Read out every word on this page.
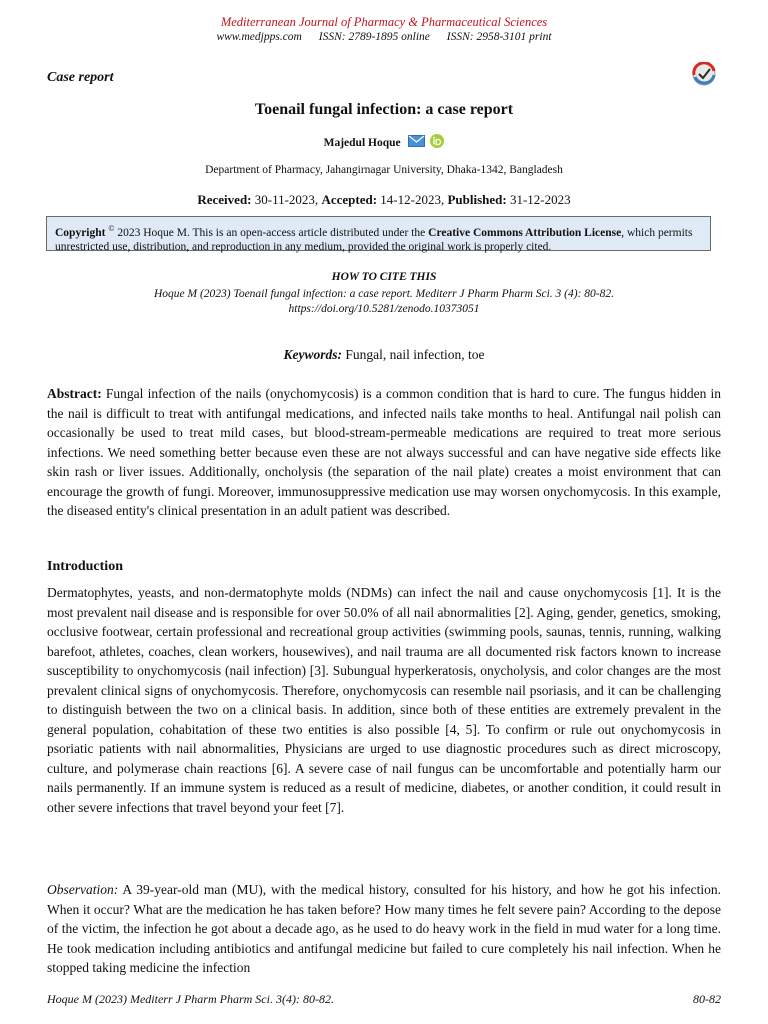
Mediterranean Journal of Pharmacy & Pharmaceutical Sciences
www.medjpps.com ISSN: 2789-1895 online ISSN: 2958-3101 print
Case report
Toenail fungal infection: a case report
Majedul Hoque
Department of Pharmacy, Jahangirnagar University, Dhaka-1342, Bangladesh
Received: 30-11-2023, Accepted: 14-12-2023, Published: 31-12-2023
Copyright © 2023 Hoque M. This is an open-access article distributed under the Creative Commons Attribution License, which permits unrestricted use, distribution, and reproduction in any medium, provided the original work is properly cited.
HOW TO CITE THIS
Hoque M (2023) Toenail fungal infection: a case report. Mediterr J Pharm Pharm Sci. 3 (4): 80-82.
https://doi.org/10.5281/zenodo.10373051
Keywords: Fungal, nail infection, toe

Abstract: Fungal infection of the nails (onychomycosis) is a common condition that is hard to cure. The fungus hidden in the nail is difficult to treat with antifungal medications, and infected nails take months to heal. Antifungal nail polish can occasionally be used to treat mild cases, but blood-stream-permeable medications are required to treat more serious infections. We need something better because even these are not always successful and can have negative side effects like skin rash or liver issues. Additionally, oncholysis (the separation of the nail plate) creates a moist environment that can encourage the growth of fungi. Moreover, immunosuppressive medication use may worsen onychomycosis. In this example, the diseased entity's clinical presentation in an adult patient was described.

Introduction

Dermatophytes, yeasts, and non-dermatophyte molds (NDMs) can infect the nail and cause onychomycosis [1]. It is the most prevalent nail disease and is responsible for over 50.0% of all nail abnormalities [2]. Aging, gender, genetics, smoking, occlusive footwear, certain professional and recreational group activities (swimming pools, saunas, tennis, running, walking barefoot, athletes, coaches, clean workers, housewives), and nail trauma are all documented risk factors known to increase susceptibility to onychomycosis (nail infection) [3]. Subungual hyperkeratosis, onycholysis, and color changes are the most prevalent clinical signs of onychomycosis. Therefore, onychomycosis can resemble nail psoriasis, and it can be challenging to distinguish between the two on a clinical basis. In addition, since both of these entities are extremely prevalent in the general population, cohabitation of these two entities is also possible [4, 5]. To confirm or rule out onychomycosis in psoriatic patients with nail abnormalities, Physicians are urged to use diagnostic procedures such as direct microscopy, culture, and polymerase chain reactions [6]. A severe case of nail fungus can be uncomfortable and potentially harm our nails permanently. If an immune system is reduced as a result of medicine, diabetes, or another condition, it could result in other severe infections that travel beyond your feet [7].

Observation: A 39-year-old man (MU), with the medical history, consulted for his history, and how he got his infection. When it occur? What are the medication he has taken before? How many times he felt severe pain? According to the depose of the victim, the infection he got about a decade ago, as he used to do heavy work in the field in mud water for a long time. He took medication including antibiotics and antifungal medicine but failed to cure completely his nail infection. When he stopped taking medicine the infection

Hoque M (2023) Mediterr J Pharm Pharm Sci. 3(4): 80-82.	80-82
